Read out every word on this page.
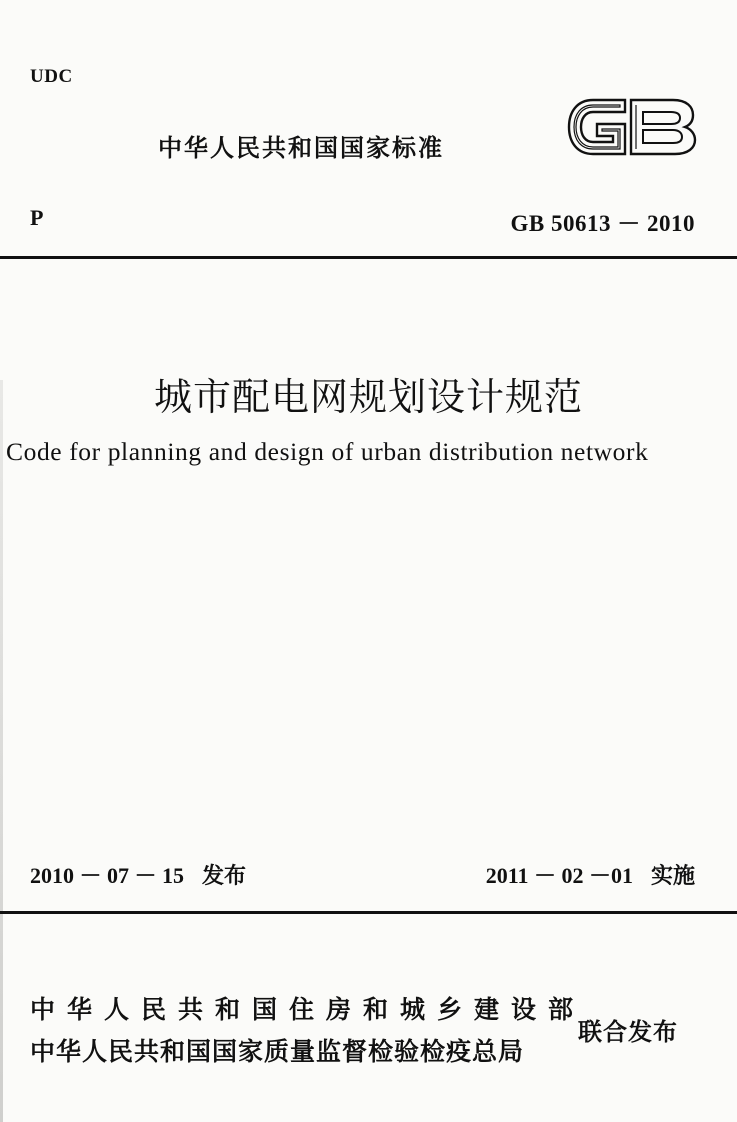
UDC
中华人民共和国国家标准
P	GB 50613 － 2010
城市配电网规划设计规范
Code for planning and design of urban distribution network
2010 － 07 － 15 发布	2011 － 02 －01 实施
中华人民共和国住房和城乡建设部
中华人民共和国国家质量监督检验检疫总局
联合发布
